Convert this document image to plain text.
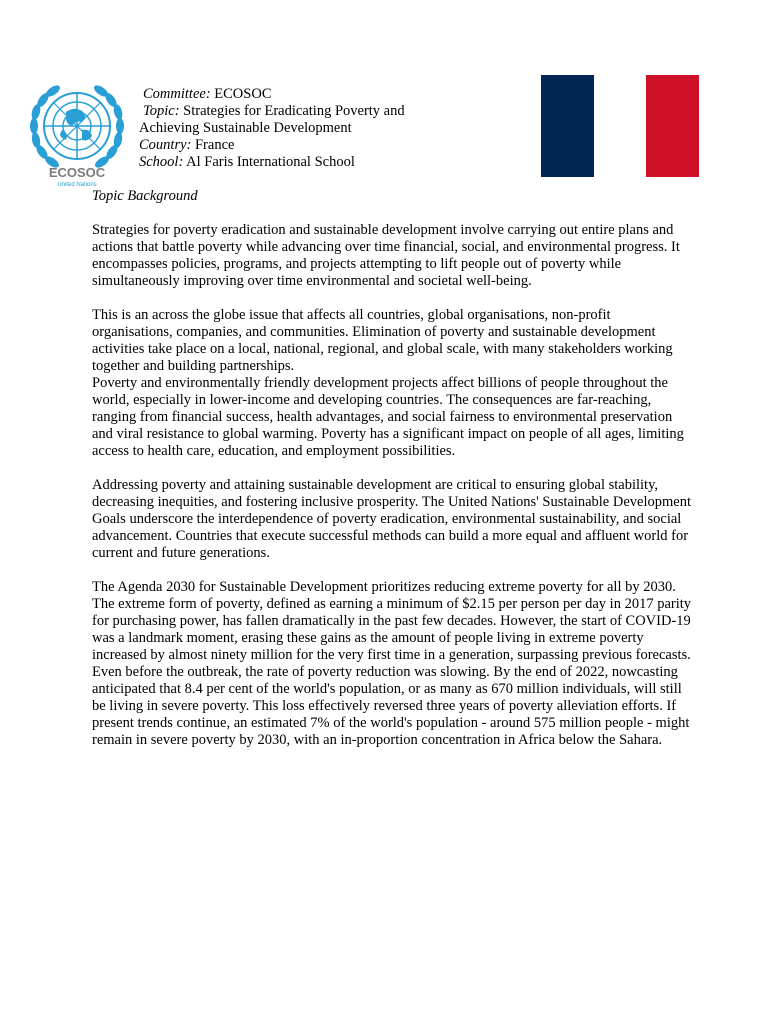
ECOSOC
United Nations
Committee: ECOSOC
Topic: Strategies for Eradicating Poverty and
Achieving Sustainable Development
Country: France
School: Al Faris International School
Topic Background

Strategies for poverty eradication and sustainable development involve carrying out entire plans and actions that battle poverty while advancing over time financial, social, and environmental progress. It encompasses policies, programs, and projects attempting to lift people out of poverty while simultaneously improving over time environmental and societal well-being.

This is an across the globe issue that affects all countries, global organisations, non-profit organisations, companies, and communities. Elimination of poverty and sustainable development activities take place on a local, national, regional, and global scale, with many stakeholders working together and building partnerships.

Poverty and environmentally friendly development projects affect billions of people throughout the world, especially in lower-income and developing countries. The consequences are far-reaching, ranging from financial success, health advantages, and social fairness to environmental preservation and viral resistance to global warming. Poverty has a significant impact on people of all ages, limiting access to health care, education, and employment possibilities.

Addressing poverty and attaining sustainable development are critical to ensuring global stability, decreasing inequities, and fostering inclusive prosperity. The United Nations' Sustainable Development Goals underscore the interdependence of poverty eradication, environmental sustainability, and social advancement. Countries that execute successful methods can build a more equal and affluent world for current and future generations.

The Agenda 2030 for Sustainable Development prioritizes reducing extreme poverty for all by 2030. The extreme form of poverty, defined as earning a minimum of $2.15 per person per day in 2017 parity for purchasing power, has fallen dramatically in the past few decades. However, the start of COVID-19 was a landmark moment, erasing these gains as the amount of people living in extreme poverty increased by almost ninety million for the very first time in a generation, surpassing previous forecasts. Even before the outbreak, the rate of poverty reduction was slowing. By the end of 2022, nowcasting anticipated that 8.4 per cent of the world's population, or as many as 670 million individuals, will still be living in severe poverty. This loss effectively reversed three years of poverty alleviation efforts. If present trends continue, an estimated 7% of the world's population - around 575 million people - might remain in severe poverty by 2030, with an in-proportion concentration in Africa below the Sahara.
